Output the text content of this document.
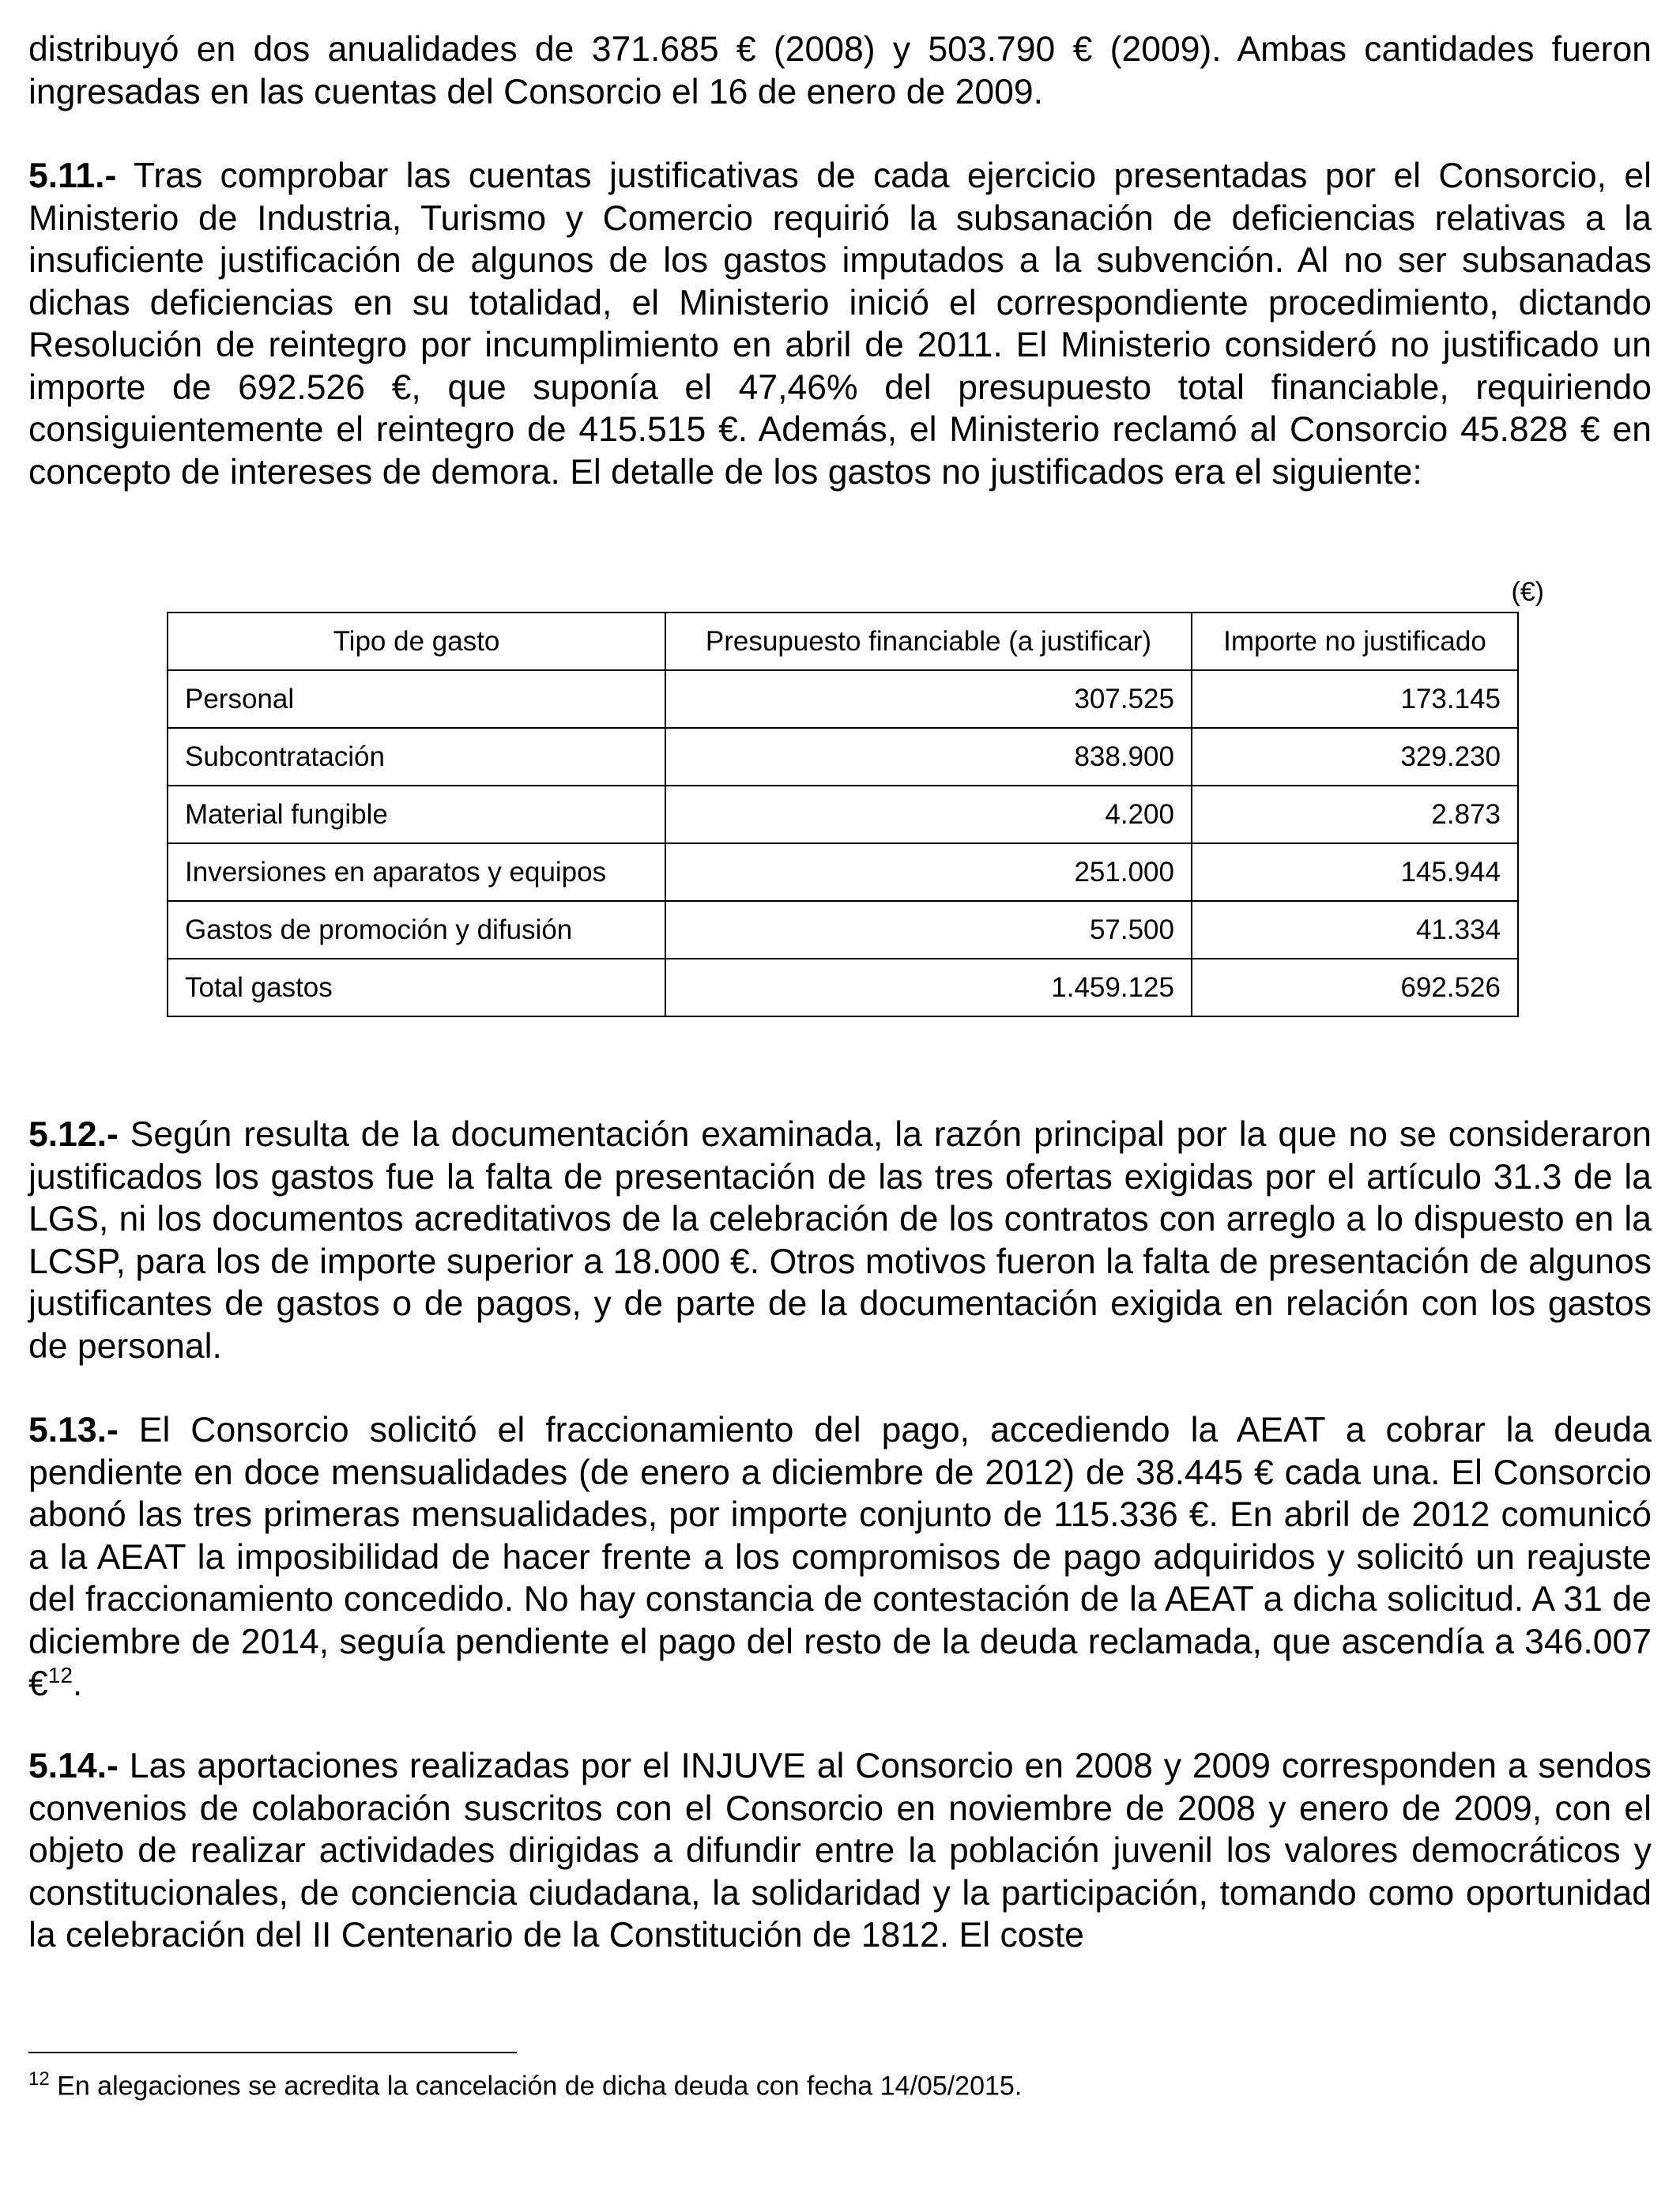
distribuyó en dos anualidades de 371.685 € (2008) y 503.790 € (2009). Ambas cantidades fueron ingresadas en las cuentas del Consorcio el 16 de enero de 2009.

5.11.- Tras comprobar las cuentas justificativas de cada ejercicio presentadas por el Consorcio, el Ministerio de Industria, Turismo y Comercio requirió la subsanación de deficiencias relativas a la insuficiente justificación de algunos de los gastos imputados a la subvención. Al no ser subsanadas dichas deficiencias en su totalidad, el Ministerio inició el correspondiente procedimiento, dictando Resolución de reintegro por incumplimiento en abril de 2011. El Ministerio consideró no justificado un importe de 692.526 €, que suponía el 47,46% del presupuesto total financiable, requiriendo consiguientemente el reintegro de 415.515 €. Además, el Ministerio reclamó al Consorcio 45.828 € en concepto de intereses de demora. El detalle de los gastos no justificados era el siguiente:

(€)
Tipo de gasto	Presupuesto financiable (a justificar)	Importe no justificado
Personal	307.525	173.145
Subcontratación	838.900	329.230
Material fungible	4.200	2.873
Inversiones en aparatos y equipos	251.000	145.944
Gastos de promoción y difusión	57.500	41.334
Total gastos	1.459.125	692.526

5.12.- Según resulta de la documentación examinada, la razón principal por la que no se consideraron justificados los gastos fue la falta de presentación de las tres ofertas exigidas por el artículo 31.3 de la LGS, ni los documentos acreditativos de la celebración de los contratos con arreglo a lo dispuesto en la LCSP, para los de importe superior a 18.000 €. Otros motivos fueron la falta de presentación de algunos justificantes de gastos o de pagos, y de parte de la documentación exigida en relación con los gastos de personal.

5.13.- El Consorcio solicitó el fraccionamiento del pago, accediendo la AEAT a cobrar la deuda pendiente en doce mensualidades (de enero a diciembre de 2012) de 38.445 € cada una. El Consorcio abonó las tres primeras mensualidades, por importe conjunto de 115.336 €. En abril de 2012 comunicó a la AEAT la imposibilidad de hacer frente a los compromisos de pago adquiridos y solicitó un reajuste del fraccionamiento concedido. No hay constancia de contestación de la AEAT a dicha solicitud. A 31 de diciembre de 2014, seguía pendiente el pago del resto de la deuda reclamada, que ascendía a 346.007 €$^{12}$.

5.14.- Las aportaciones realizadas por el INJUVE al Consorcio en 2008 y 2009 corresponden a sendos convenios de colaboración suscritos con el Consorcio en noviembre de 2008 y enero de 2009, con el objeto de realizar actividades dirigidas a difundir entre la población juvenil los valores democráticos y constitucionales, de conciencia ciudadana, la solidaridad y la participación, tomando como oportunidad la celebración del II Centenario de la Constitución de 1812. El coste

$^{12}$ En alegaciones se acredita la cancelación de dicha deuda con fecha 14/05/2015.
